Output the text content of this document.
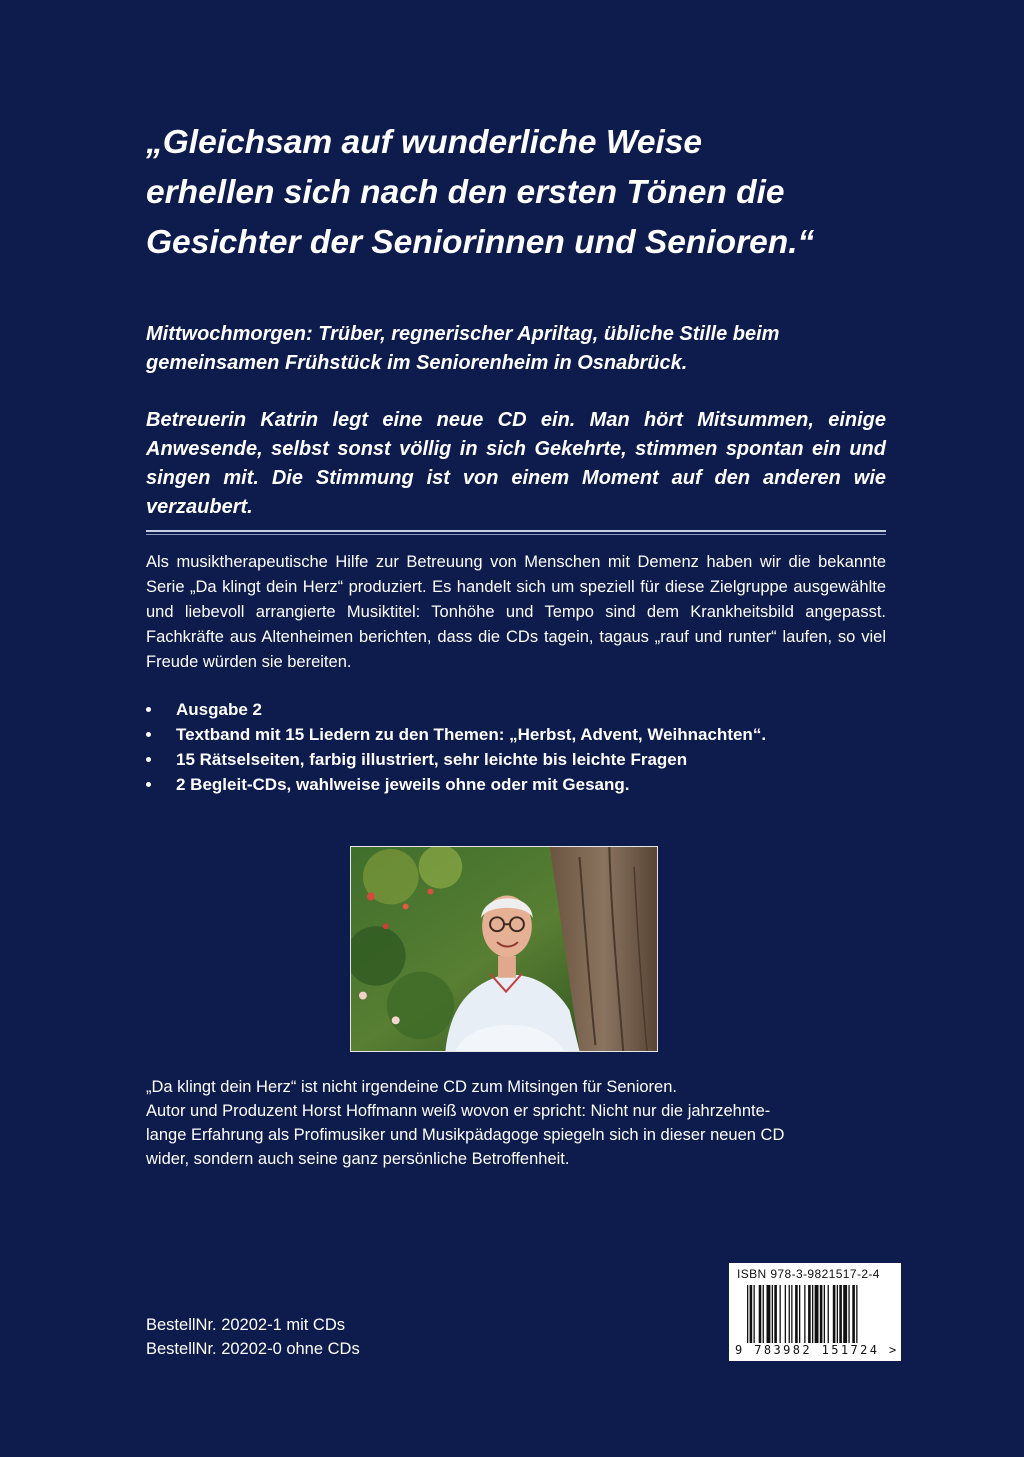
„Gleichsam auf wunderliche Weise
erhellen sich nach den ersten Tönen die
Gesichter der Seniorinnen und Senioren.“

Mittwochmorgen: Trüber, regnerischer Apriltag, übliche Stille beim
gemeinsamen Frühstück im Seniorenheim in Osnabrück.

Betreuerin Katrin legt eine neue CD ein. Man hört Mitsummen, einige Anwesende, selbst sonst völlig in sich Gekehrte, stimmen spontan ein und singen mit. Die Stimmung ist von einem Moment auf den anderen wie verzaubert.

Als musiktherapeutische Hilfe zur Betreuung von Menschen mit Demenz haben wir die bekannte Serie „Da klingt dein Herz“ produziert. Es handelt sich um speziell für diese Zielgruppe ausgewählte und liebevoll arrangierte Musiktitel: Tonhöhe und Tempo sind dem Krankheitsbild angepasst. Fachkräfte aus Altenheimen berichten, dass die CDs tagein, tagaus „rauf und runter“ laufen, so viel Freude würden sie bereiten.

Ausgabe 2
Textband mit 15 Liedern zu den Themen: „Herbst, Advent, Weihnachten“.
15 Rätselseiten, farbig illustriert, sehr leichte bis leichte Fragen
2 Begleit-CDs, wahlweise jeweils ohne oder mit Gesang.

„Da klingt dein Herz“ ist nicht irgendeine CD zum Mitsingen für Senioren.
Autor und Produzent Horst Hoffmann weiß wovon er spricht: Nicht nur die jahrzehnte-
lange Erfahrung als Profimusiker und Musikpädagoge spiegeln sich in dieser neuen CD
wider, sondern auch seine ganz persönliche Betroffenheit.

BestellNr. 20202-1 mit CDs
BestellNr. 20202-0 ohne CDs

ISBN 978-3-9821517-2-4
9 783982 151724 >
